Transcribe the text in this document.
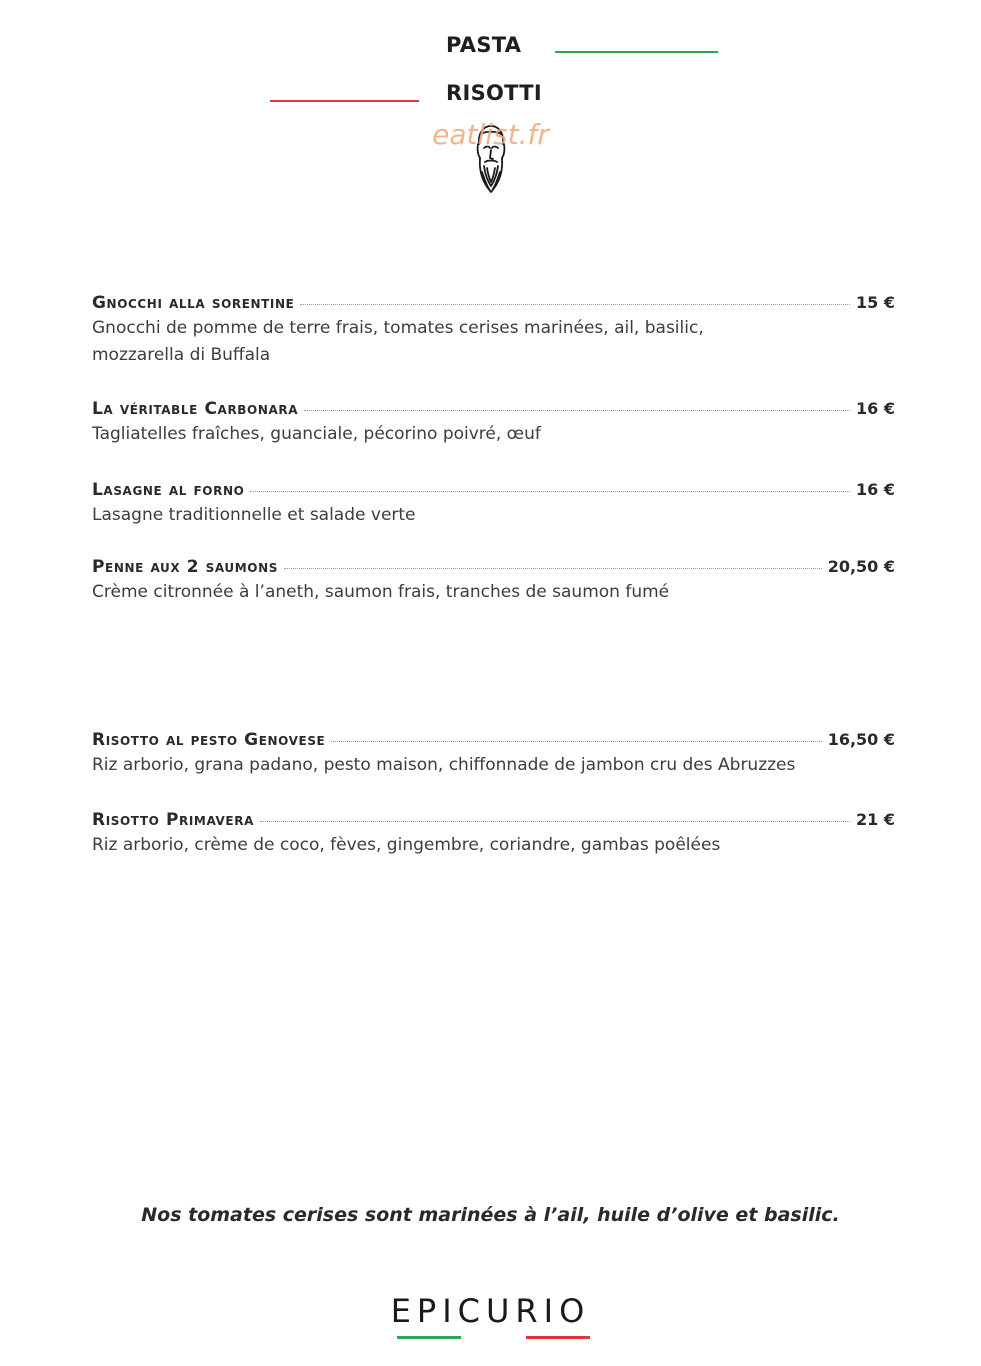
PASTA
RISOTTI
eatlist.fr
Gnocchi alla sorentine	15 €
Gnocchi de pomme de terre frais, tomates cerises marinées, ail, basilic, mozzarella di Buffala
La véritable Carbonara	16 €
Tagliatelles fraîches, guanciale, pécorino poivré, œuf
Lasagne al forno	16 €
Lasagne traditionnelle et salade verte
Penne aux 2 saumons	20,50 €
Crème citronnée à l’aneth, saumon frais, tranches de saumon fumé
Risotto al pesto Genovese	16,50 €
Riz arborio, grana padano, pesto maison, chiffonnade de jambon cru des Abruzzes
Risotto Primavera	21 €
Riz arborio, crème de coco, fèves, gingembre, coriandre, gambas poêlées
Nos tomates cerises sont marinées à l’ail, huile d’olive et basilic.
EPICURIO
